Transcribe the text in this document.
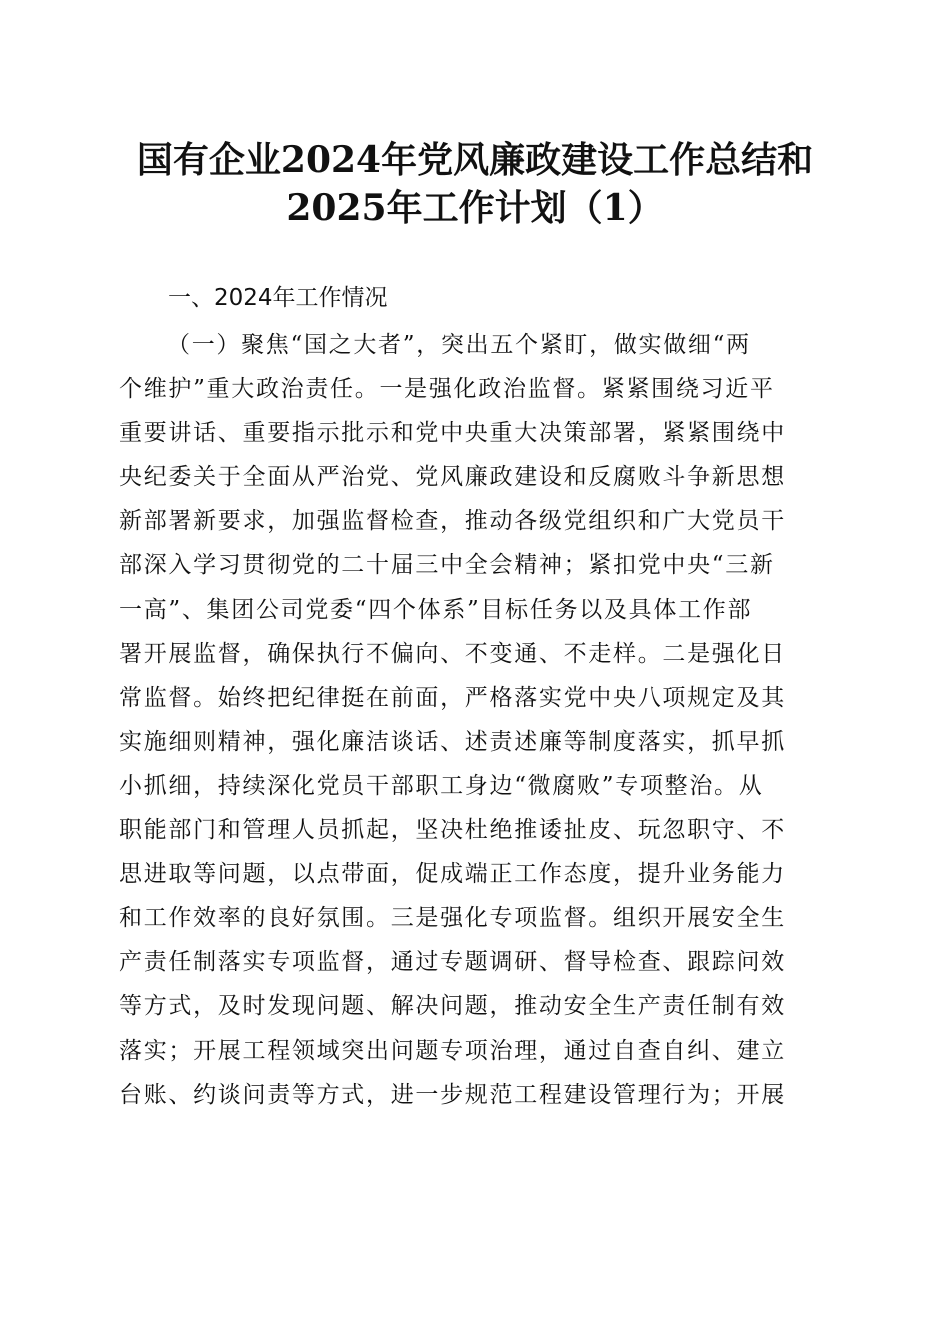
国有企业2024年党风廉政建设工作总结和
2025年工作计划（1）
一、2024年工作情况
（一）聚焦“国之大者”，突出五个紧盯，做实做细“两
个维护”重大政治责任。一是强化政治监督。紧紧围绕习近平
重要讲话、重要指示批示和党中央重大决策部署，紧紧围绕中
央纪委关于全面从严治党、党风廉政建设和反腐败斗争新思想
新部署新要求，加强监督检查，推动各级党组织和广大党员干
部深入学习贯彻党的二十届三中全会精神；紧扣党中央“三新
一高”、集团公司党委“四个体系”目标任务以及具体工作部
署开展监督，确保执行不偏向、不变通、不走样。二是强化日
常监督。始终把纪律挺在前面，严格落实党中央八项规定及其
实施细则精神，强化廉洁谈话、述责述廉等制度落实，抓早抓
小抓细，持续深化党员干部职工身边“微腐败”专项整治。从
职能部门和管理人员抓起，坚决杜绝推诿扯皮、玩忽职守、不
思进取等问题，以点带面，促成端正工作态度，提升业务能力
和工作效率的良好氛围。三是强化专项监督。组织开展安全生
产责任制落实专项监督，通过专题调研、督导检查、跟踪问效
等方式，及时发现问题、解决问题，推动安全生产责任制有效
落实；开展工程领域突出问题专项治理，通过自查自纠、建立
台账、约谈问责等方式，进一步规范工程建设管理行为；开展
